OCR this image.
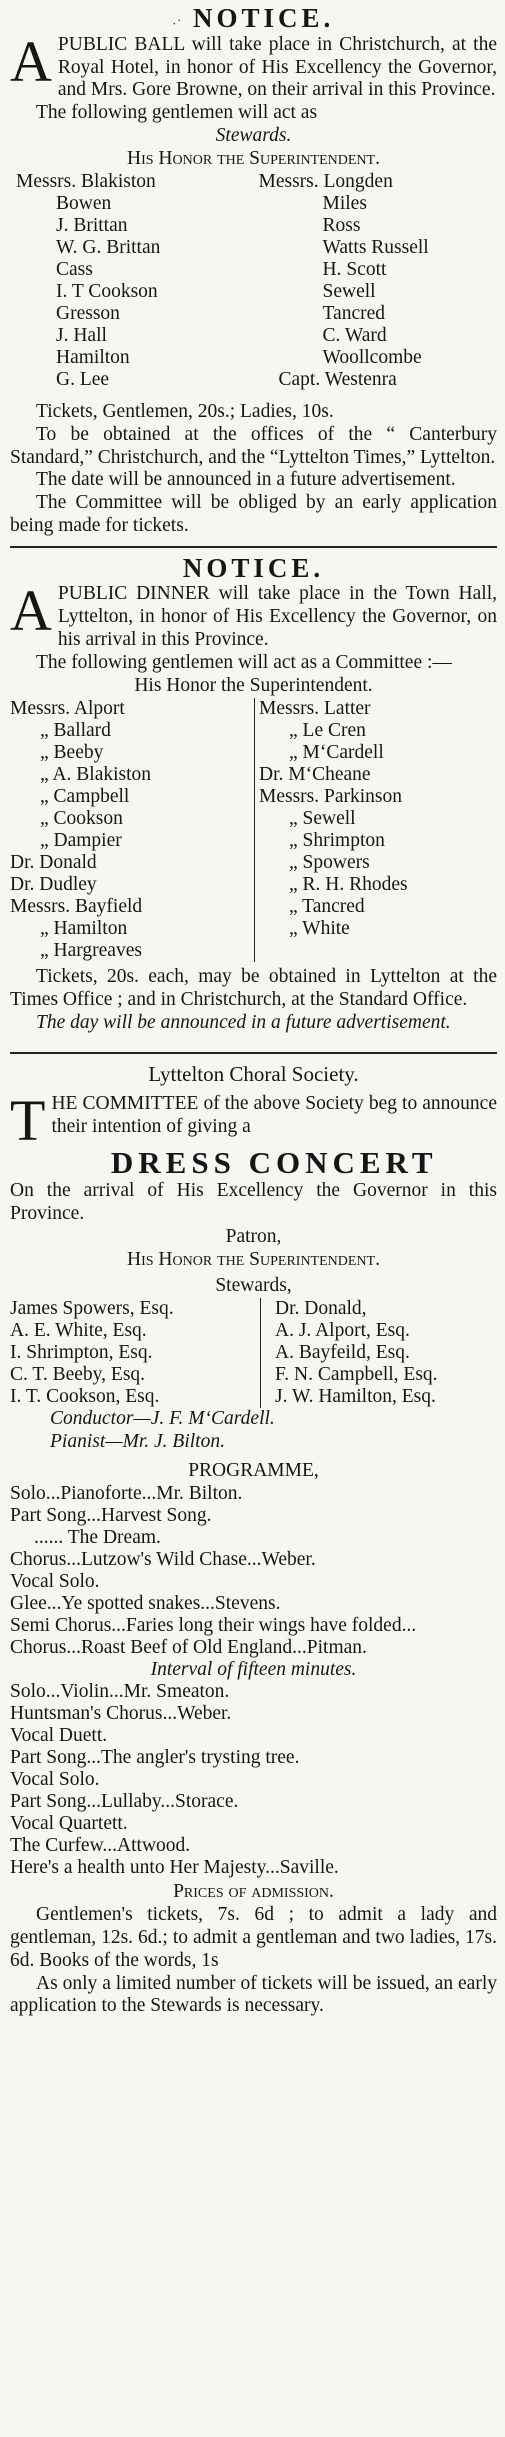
.· NOTICE.

APUBLIC BALL will take place in Christchurch, at the Royal Hotel, in honor of His Excellency the Governor, and Mrs. Gore Browne, on their arrival in this Province.

The following gentlemen will act as

Stewards.

His Honor the Superintendent.

Messrs. Blakiston
Bowen
J. Brittan
W. G. Brittan
Cass
I. T Cookson
Gresson
J. Hall
Hamilton
G. Lee
Messrs. Longden
Miles
Ross
Watts Russell
H. Scott
Sewell
Tancred
C. Ward
Woollcombe
Capt. Westenra

Tickets, Gentlemen, 20s.; Ladies, 10s.

To be obtained at the offices of the “ Canterbury Standard,” Christchurch, and the “Lyttelton Times,” Lyttelton.

The date will be announced in a future advertisement.

The Committee will be obliged by an early application being made for tickets.

NOTICE.

APUBLIC DINNER will take place in the Town Hall, Lyttelton, in honor of His Excellency the Governor, on his arrival in this Province.

The following gentlemen will act as a Committee :—

His Honor the Superintendent.

Messrs. Alport
„ Ballard
„ Beeby
„ A. Blakiston
„ Campbell
„ Cookson
„ Dampier
Dr. Donald
Dr. Dudley
Messrs. Bayfield
„ Hamilton
„ Hargreaves
Messrs. Latter
„ Le Cren
„ M‘Cardell
Dr. M‘Cheane
Messrs. Parkinson
„ Sewell
„ Shrimpton
„ Spowers
„ R. H. Rhodes
„ Tancred
„ White

Tickets, 20s. each, may be obtained in Lyttelton at the Times Office ; and in Christchurch, at the Standard Office.

The day will be announced in a future advertisement.

Lyttelton Choral Society.

THE COMMITTEE of the above Society beg to announce their intention of giving a

DRESS CONCERT

On the arrival of His Excellency the Governor in this Province.

Patron,

His Honor the Superintendent.

Stewards,

James Spowers, Esq.
A. E. White, Esq.
I. Shrimpton, Esq.
C. T. Beeby, Esq.
I. T. Cookson, Esq.
Dr. Donald,
A. J. Alport, Esq.
A. Bayfeild, Esq.
F. N. Campbell, Esq.
J. W. Hamilton, Esq.

Conductor—J. F. M‘Cardell.

Pianist—Mr. J. Bilton.

PROGRAMME,

Solo...Pianoforte...Mr. Bilton.
Part Song...Harvest Song.
...... The Dream.
Chorus...Lutzow's Wild Chase...Weber.
Vocal Solo.
Glee...Ye spotted snakes...Stevens.
Semi Chorus...Faries long their wings have folded...
Chorus...Roast Beef of Old England...Pitman.
Interval of fifteen minutes.
Solo...Violin...Mr. Smeaton.
Huntsman's Chorus...Weber.
Vocal Duett.
Part Song...The angler's trysting tree.
Vocal Solo.
Part Song...Lullaby...Storace.
Vocal Quartett.
The Curfew...Attwood.
Here's a health unto Her Majesty...Saville.

Prices of admission.

Gentlemen's tickets, 7s. 6d ; to admit a lady and gentleman, 12s. 6d.; to admit a gentleman and two ladies, 17s. 6d. Books of the words, 1s

As only a limited number of tickets will be issued, an early application to the Stewards is necessary.
